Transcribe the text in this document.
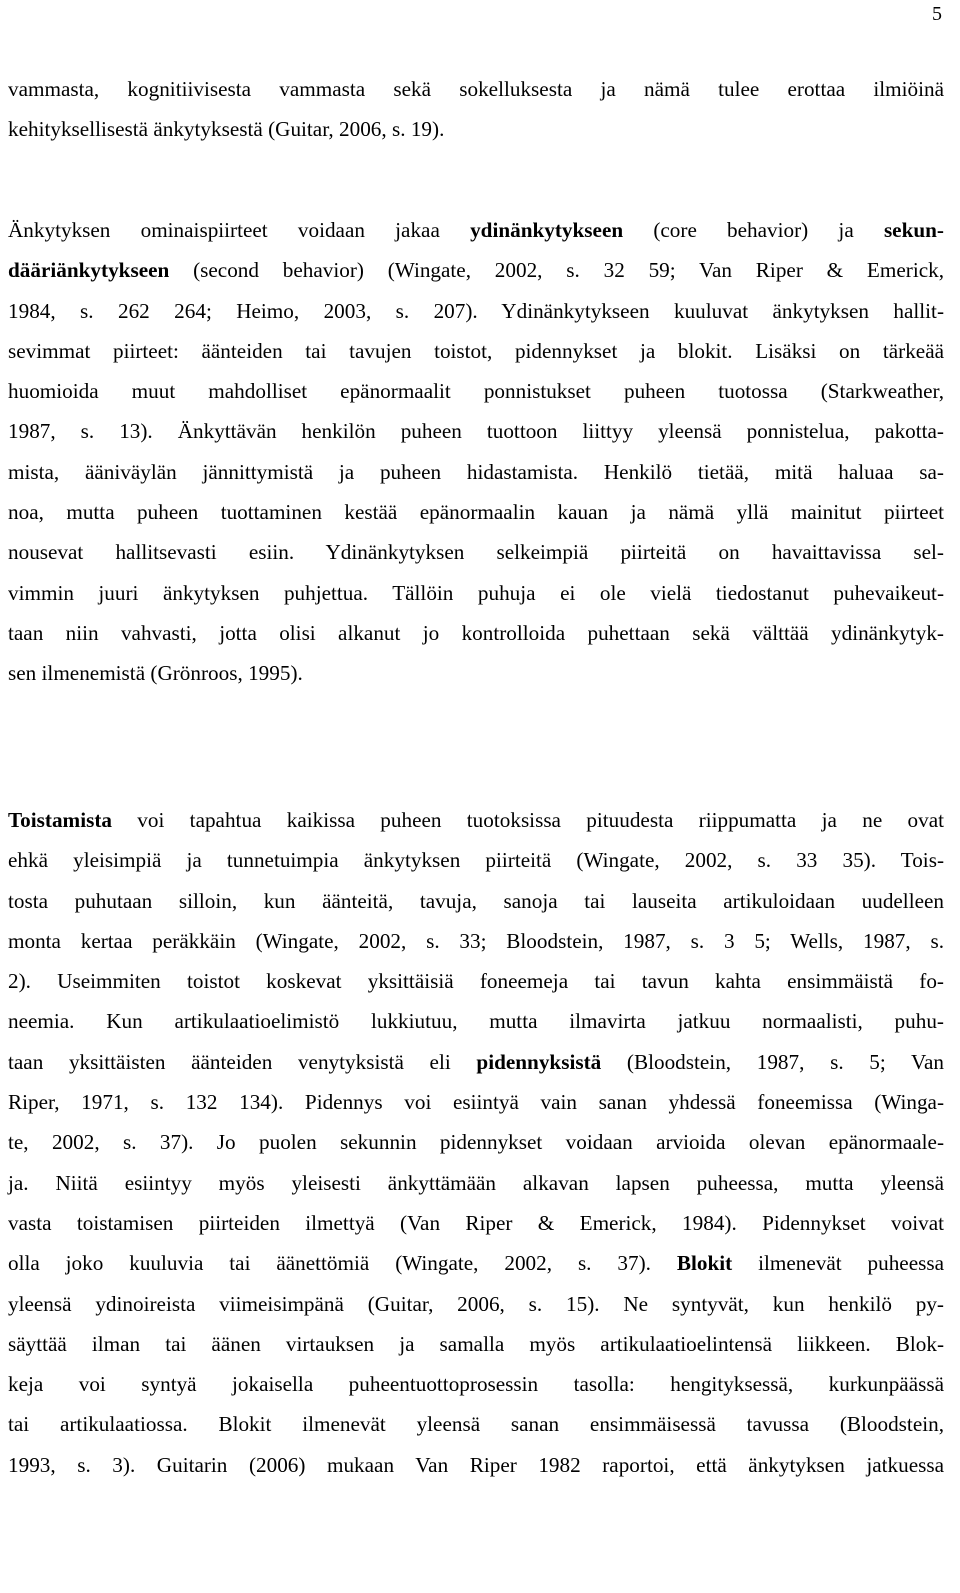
5
vammasta, kognitiivisesta vammasta sekä sokelluksesta ja nämä tulee erottaa ilmiöinä
kehityksellisestä änkytyksestä (Guitar, 2006, s. 19).
Änkytyksen ominaispiirteet voidaan jakaa ydinänkytykseen (core behavior) ja sekun-
dääriänkytykseen (second behavior) (Wingate, 2002, s. 32 59; Van Riper & Emerick,
1984, s. 262 264; Heimo, 2003, s. 207). Ydinänkytykseen kuuluvat änkytyksen hallit-
sevimmat piirteet: äänteiden tai tavujen toistot, pidennykset ja blokit. Lisäksi on tärkeää
huomioida muut mahdolliset epänormaalit ponnistukset puheen tuotossa (Starkweather,
1987, s. 13). Änkyttävän henkilön puheen tuottoon liittyy yleensä ponnistelua, pakotta-
mista, ääniväylän jännittymistä ja puheen hidastamista. Henkilö tietää, mitä haluaa sa-
noa, mutta puheen tuottaminen kestää epänormaalin kauan ja nämä yllä mainitut piirteet
nousevat hallitsevasti esiin. Ydinänkytyksen selkeimpiä piirteitä on havaittavissa sel-
vimmin juuri änkytyksen puhjettua. Tällöin puhuja ei ole vielä tiedostanut puhevaikeut-
taan niin vahvasti, jotta olisi alkanut jo kontrolloida puhettaan sekä välttää ydinänkytyk-
sen ilmenemistä (Grönroos, 1995).
Toistamista voi tapahtua kaikissa puheen tuotoksissa pituudesta riippumatta ja ne ovat
ehkä yleisimpiä ja tunnetuimpia änkytyksen piirteitä (Wingate, 2002, s. 33 35). Tois-
tosta puhutaan silloin, kun äänteitä, tavuja, sanoja tai lauseita artikuloidaan uudelleen
monta kertaa peräkkäin (Wingate, 2002, s. 33; Bloodstein, 1987, s. 3 5; Wells, 1987, s.
2). Useimmiten toistot koskevat yksittäisiä foneemeja tai tavun kahta ensimmäistä fo-
neemia. Kun artikulaatioelimistö lukkiutuu, mutta ilmavirta jatkuu normaalisti, puhu-
taan yksittäisten äänteiden venytyksistä eli pidennyksistä (Bloodstein, 1987, s. 5; Van
Riper, 1971, s. 132 134). Pidennys voi esiintyä vain sanan yhdessä foneemissa (Winga-
te, 2002, s. 37). Jo puolen sekunnin pidennykset voidaan arvioida olevan epänormaale-
ja. Niitä esiintyy myös yleisesti änkyttämään alkavan lapsen puheessa, mutta yleensä
vasta toistamisen piirteiden ilmettyä (Van Riper & Emerick, 1984). Pidennykset voivat
olla joko kuuluvia tai äänettömiä (Wingate, 2002, s. 37). Blokit ilmenevät puheessa
yleensä ydinoireista viimeisimpänä (Guitar, 2006, s. 15). Ne syntyvät, kun henkilö py-
säyttää ilman tai äänen virtauksen ja samalla myös artikulaatioelintensä liikkeen. Blok-
keja voi syntyä jokaisella puheentuottoprosessin tasolla: hengityksessä, kurkunpäässä
tai artikulaatiossa. Blokit ilmenevät yleensä sanan ensimmäisessä tavussa (Bloodstein,
1993, s. 3). Guitarin (2006) mukaan Van Riper 1982 raportoi, että änkytyksen jatkuessa
